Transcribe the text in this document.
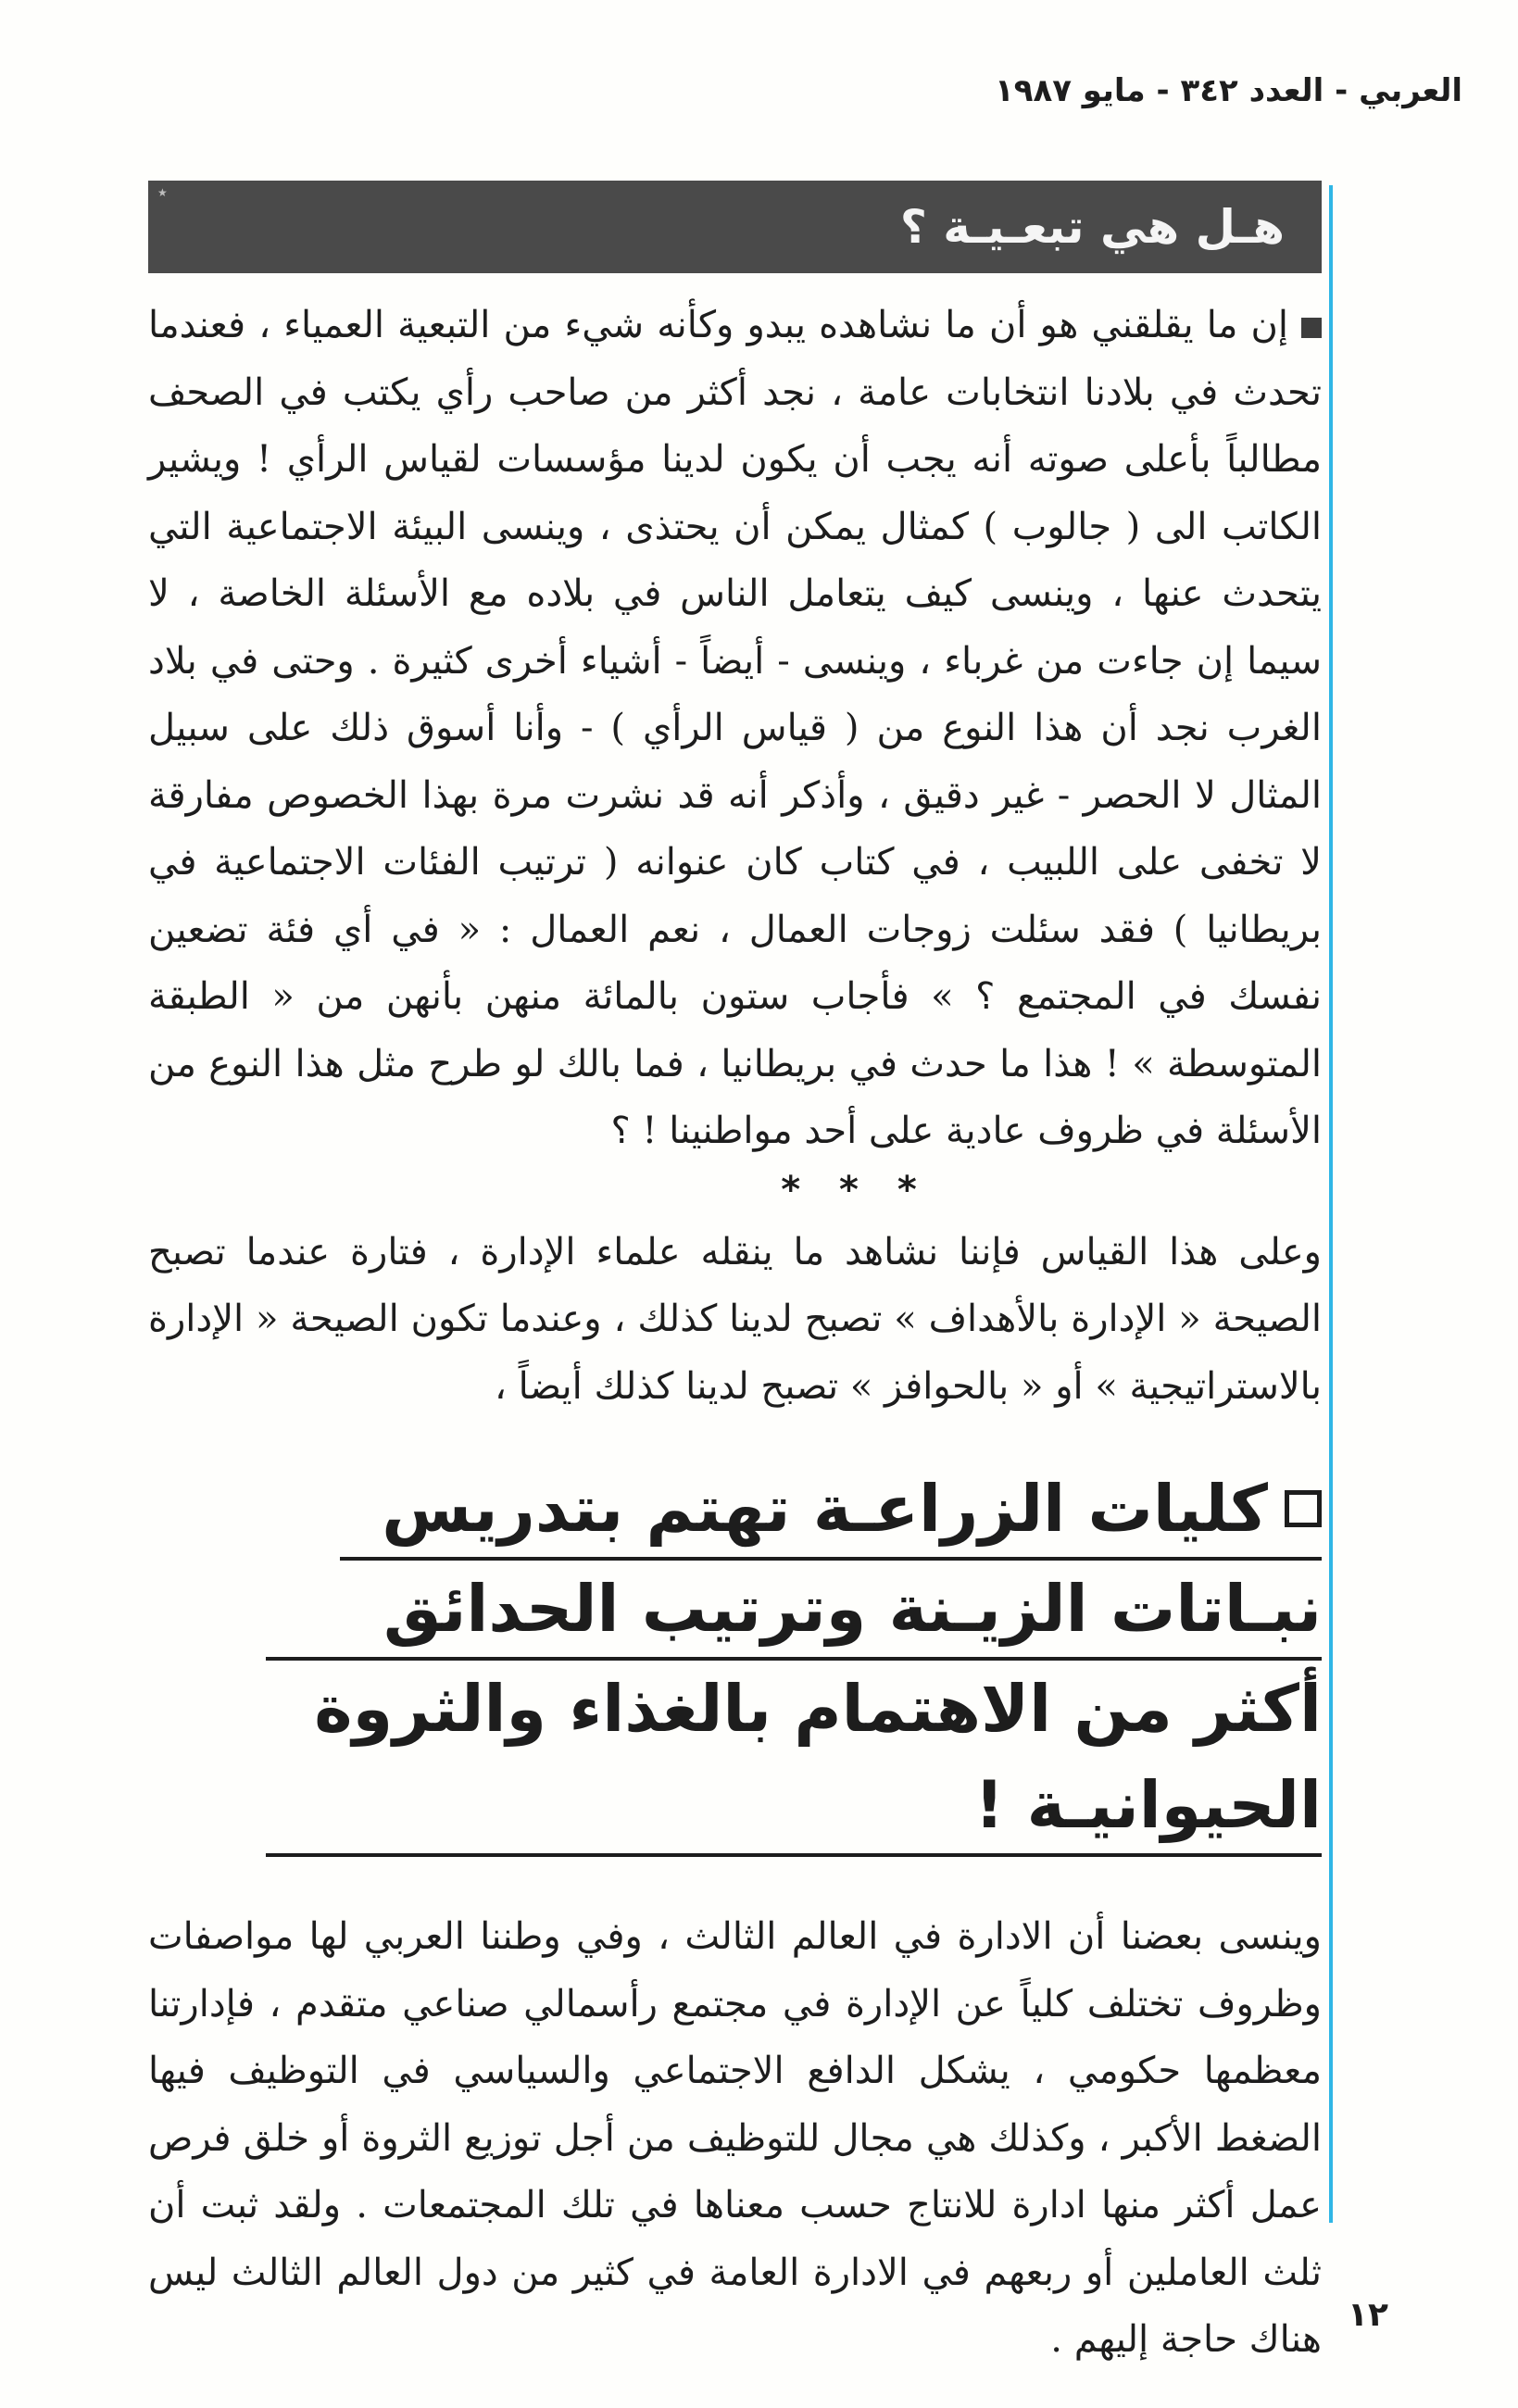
العربي - العدد ٣٤٢ - مايو ١٩٨٧
★
هـل هي تبعـيـة ؟

إن ما يقلقني هو أن ما نشاهده يبدو وكأنه شيء من التبعية العمياء ، فعندما تحدث في بلادنا انتخابات عامة ، نجد أكثر من صاحب رأي يكتب في الصحف مطالباً بأعلى صوته أنه يجب أن يكون لدينا مؤسسات لقياس الرأي ! ويشير الكاتب الى ( جالوب ) كمثال يمكن أن يحتذى ، وينسى البيئة الاجتماعية التي يتحدث عنها ، وينسى كيف يتعامل الناس في بلاده مع الأسئلة الخاصة ، لا سيما إن جاءت من غرباء ، وينسى - أيضاً - أشياء أخرى كثيرة . وحتى في بلاد الغرب نجد أن هذا النوع من ( قياس الرأي ) - وأنا أسوق ذلك على سبيل المثال لا الحصر - غير دقيق ، وأذكر أنه قد نشرت مرة بهذا الخصوص مفارقة لا تخفى على اللبيب ، في كتاب كان عنوانه ( ترتيب الفئات الاجتماعية في بريطانيا ) فقد سئلت زوجات العمال ، نعم العمال : « في أي فئة تضعين نفسك في المجتمع ؟ » فأجاب ستون بالمائة منهن بأنهن من « الطبقة المتوسطة » ! هذا ما حدث في بريطانيا ، فما بالك لو طرح مثل هذا النوع من الأسئلة في ظروف عادية على أحد مواطنينا ! ؟

* * *

وعلى هذا القياس فإننا نشاهد ما ينقله علماء الإدارة ، فتارة عندما تصبح الصيحة « الإدارة بالأهداف » تصبح لدينا كذلك ، وعندما تكون الصيحة « الإدارة بالاستراتيجية » أو « بالحوافز » تصبح لدينا كذلك أيضاً ،

كليات الزراعـة تهتم بتدريس
نبـاتات الزيـنة وترتيب الحدائق
أكثر من الاهتمام بالغذاء والثروة الحيوانيـة !

وينسى بعضنا أن الادارة في العالم الثالث ، وفي وطننا العربي لها مواصفات وظروف تختلف كلياً عن الإدارة في مجتمع رأسمالي صناعي متقدم ، فإدارتنا معظمها حكومي ، يشكل الدافع الاجتماعي والسياسي في التوظيف فيها الضغط الأكبر ، وكذلك هي مجال للتوظيف من أجل توزيع الثروة أو خلق فرص عمل أكثر منها ادارة للانتاج حسب معناها في تلك المجتمعات . ولقد ثبت أن ثلث العاملين أو ربعهم في الادارة العامة في كثير من دول العالم الثالث ليس هناك حاجة إليهم .

١٢
